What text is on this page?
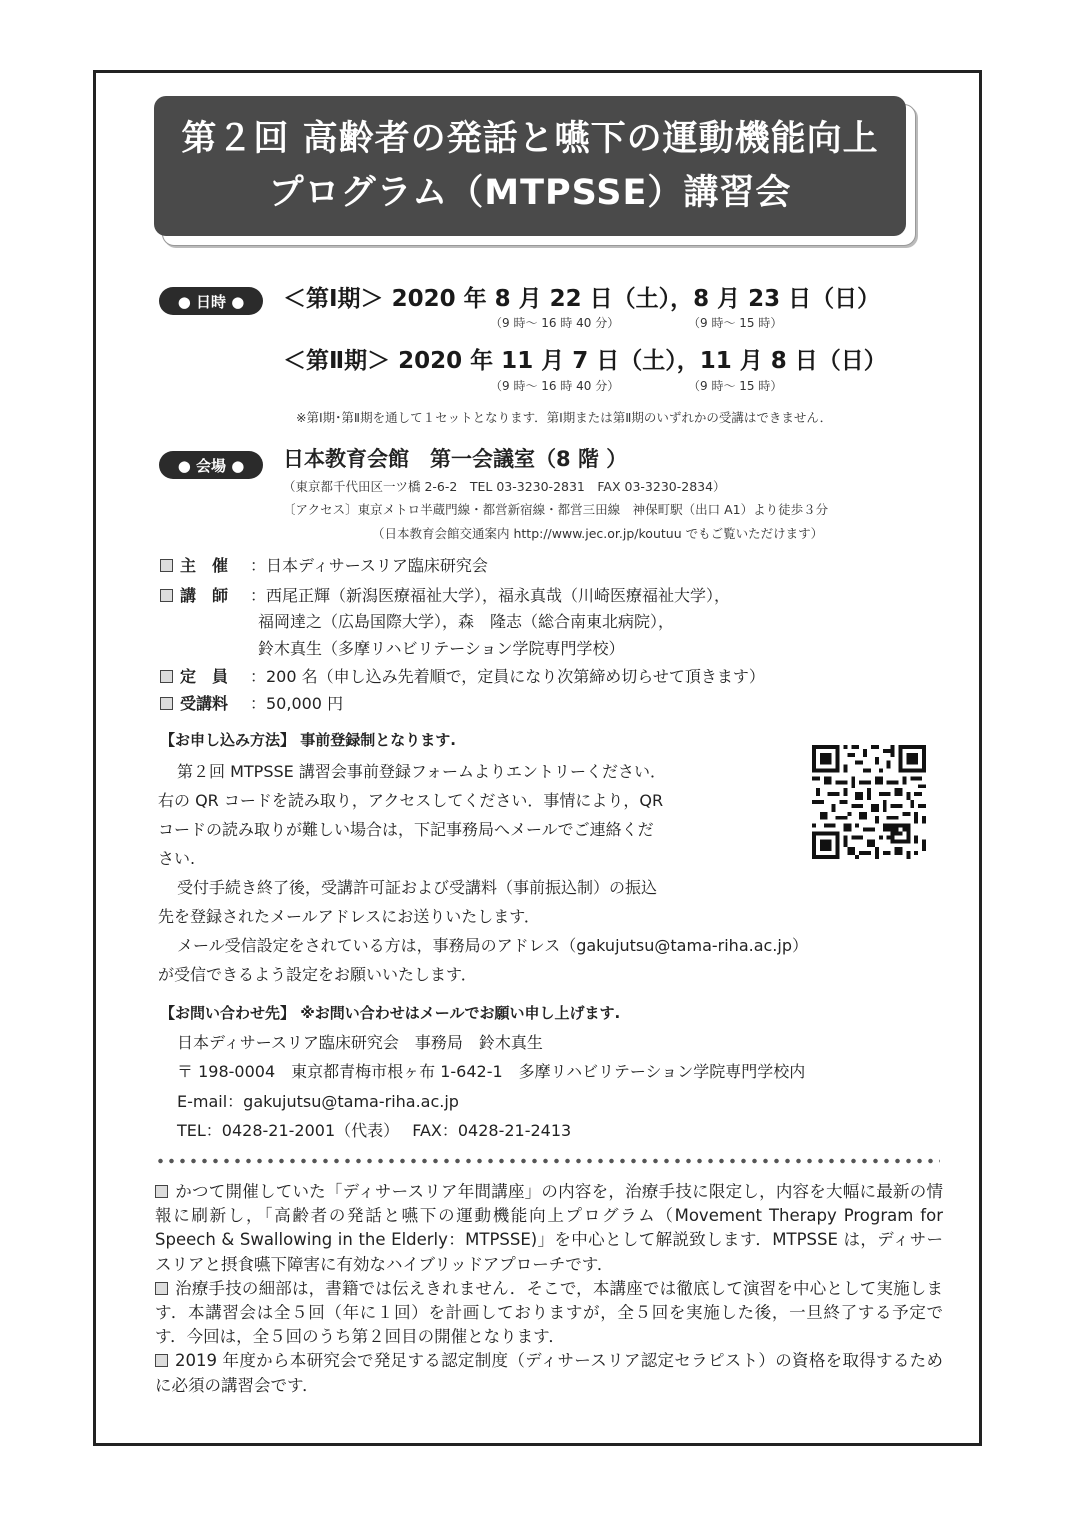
第２回 高齢者の発話と嚥下の運動機能向上
プログラム（MTPSSE）講習会
● 日時 ●	＜第Ⅰ期＞ 2020 年 8 月 22 日（土），8 月 23 日（日）
（9 時～ 16 時 40 分）	（9 時～ 15 時）
＜第Ⅱ期＞ 2020 年 11 月 7 日（土），11 月 8 日（日）
（9 時～ 16 時 40 分）	（9 時～ 15 時）
※第Ⅰ期･第Ⅱ期を通して１セットとなります．第Ⅰ期または第Ⅱ期のいずれかの受講はできません．
● 会場 ●	日本教育会館　第一会議室（8 階 ）
（東京都千代田区一ツ橋 2-6-2　TEL 03-3230-2831　FAX 03-3230-2834）
〔アクセス〕東京メトロ半蔵門線・都営新宿線・都営三田線　神保町駅（出口 A1）より徒歩３分
（日本教育会館交通案内 http://www.jec.or.jp/koutuu でもご覧いただけます）
主　催 ：日本ディサースリア臨床研究会
講　師 ：西尾正輝（新潟医療福祉大学），福永真哉（川崎医療福祉大学），
福岡達之（広島国際大学），森　隆志（総合南東北病院），
鈴木真生（多摩リハビリテーション学院専門学校）
定　員 ：200 名（申し込み先着順で，定員になり次第締め切らせて頂きます）
受講料 ：50,000 円
【お申し込み方法】 事前登録制となります.
第２回 MTPSSE 講習会事前登録フォームよりエントリーください．
右の QR コードを読み取り，アクセスしてください．事情により，QR
コードの読み取りが難しい場合は，下記事務局へメールでご連絡くだ
さい.
受付手続き終了後，受講許可証および受講料（事前振込制）の振込
先を登録されたメールアドレスにお送りいたします．
メール受信設定をされている方は，事務局のアドレス（gakujutsu@tama-riha.ac.jp）
が受信できるよう設定をお願いいたします．
【お問い合わせ先】 ※お問い合わせはメールでお願い申し上げます.
日本ディサースリア臨床研究会　事務局　鈴木真生
〒 198-0004　東京都青梅市根ヶ布 1-642-1　多摩リハビリテーション学院専門学校内
E-mail：gakujutsu@tama-riha.ac.jp
TEL：0428-21-2001（代表）　 FAX：0428-21-2413

かつて開催していた「ディサースリア年間講座」の内容を，治療手技に限定し，内容を大幅に最新の情報に刷新し，「高齢者の発話と嚥下の運動機能向上プログラム（Movement Therapy Program for Speech & Swallowing in the Elderly：MTPSSE)」を中心として解説致します．MTPSSE は，ディサースリアと摂食嚥下障害に有効なハイブリッドアプローチです．

治療手技の細部は，書籍では伝えきれません．そこで，本講座では徹底して演習を中心として実施します．本講習会は全５回（年に１回）を計画しておりますが，全５回を実施した後，一旦終了する予定です．今回は，全５回のうち第２回目の開催となります．

2019 年度から本研究会で発足する認定制度（ディサースリア認定セラピスト）の資格を取得するために必須の講習会です．
